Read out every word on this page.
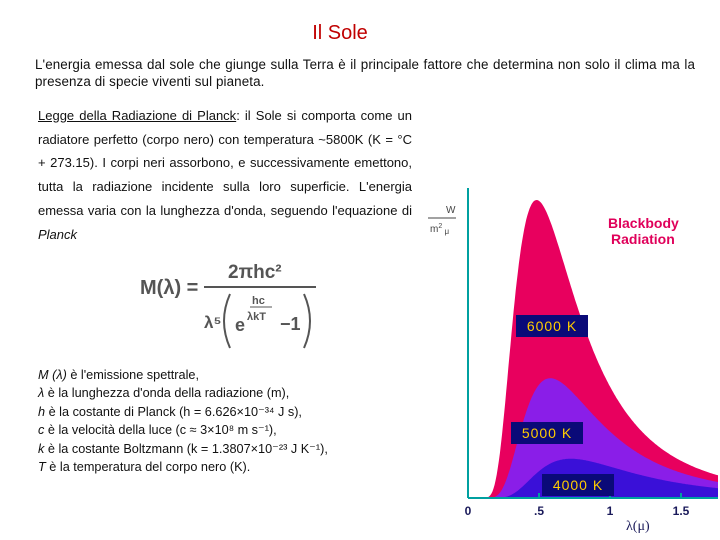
Il Sole
L'energia emessa dal sole che giunge sulla Terra è il principale fattore che determina non solo il clima ma la presenza di specie viventi sul pianeta.
Legge della Radiazione di Planck: il Sole si comporta come un radiatore perfetto (corpo nero) con temperatura ~5800K (K = °C + 273.15). I corpi neri assorbono, e successivamente emettono, tutta la radiazione incidente sulla loro superficie. L'energia emessa varia con la lunghezza d'onda, seguendo l'equazione di Planck
M(λ) =
2πhc²
λ⁵
hc
e λkT −1
M (λ) è l'emissione spettrale,
λ è la lunghezza d'onda della radiazione (m),
h è la costante di Planck (h = 6.626×10⁻³⁴ J s),
c è la velocità della luce (c ≈ 3×10⁸ m s⁻¹),
k è la costante Boltzmann (k = 1.3807×10⁻²³ J K⁻¹),
T è la temperatura del corpo nero (K).
0	.5	1	1.5
W
$m^2$ $_\mu$
Blackbody
Radiation
6000 K
5000 K
4000 K
λ(μ)
